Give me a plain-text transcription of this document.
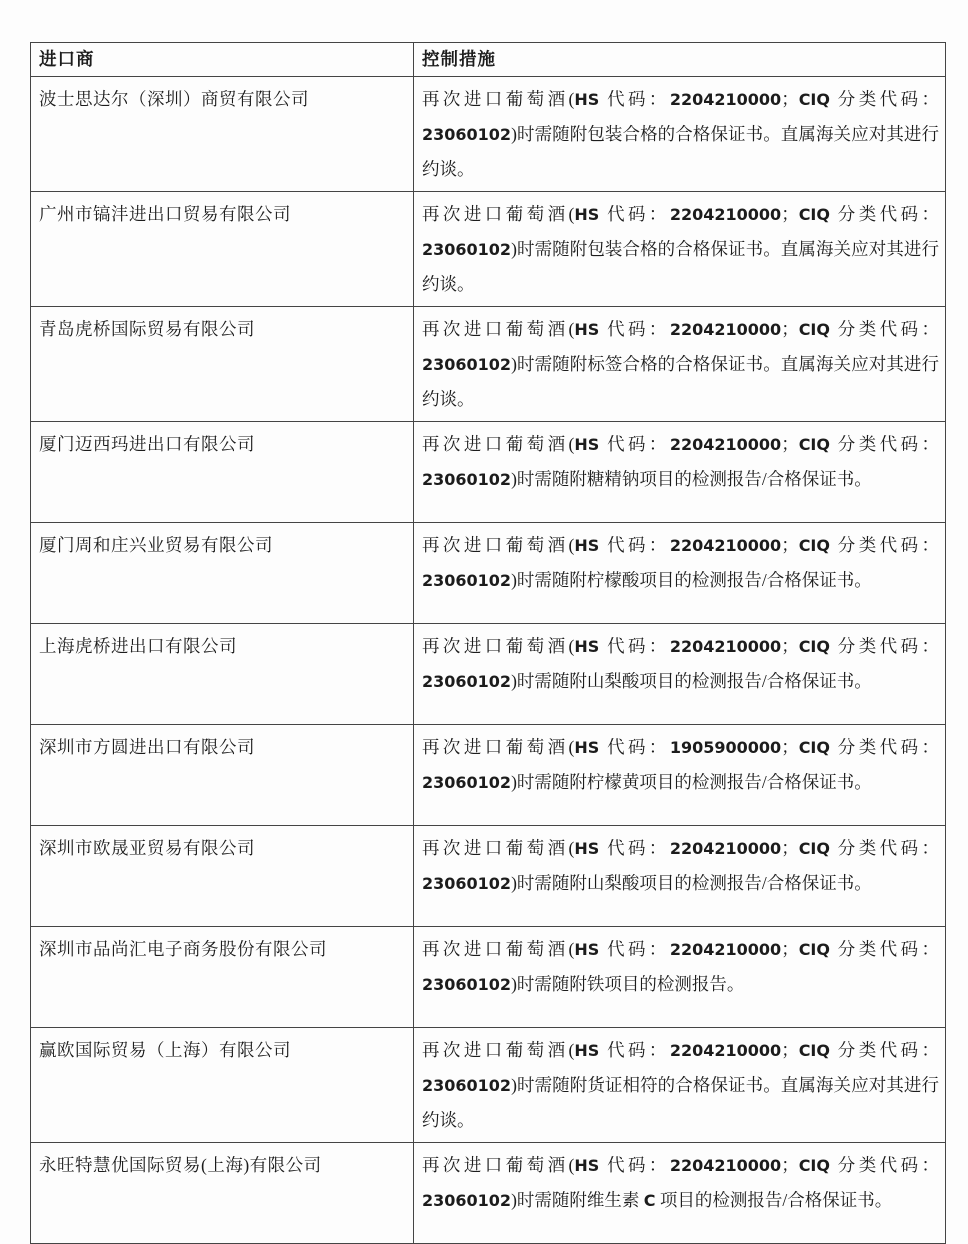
进口商	控制措施
波士思达尔（深圳）商贸有限公司	再次进口葡萄酒(HS 代码：2204210000；CIQ 分类代码：23060102)时需随附包装合格的合格保证书。直属海关应对其进行约谈。
广州市镐沣进出口贸易有限公司	再次进口葡萄酒(HS 代码：2204210000；CIQ 分类代码：23060102)时需随附包装合格的合格保证书。直属海关应对其进行约谈。
青岛虎桥国际贸易有限公司	再次进口葡萄酒(HS 代码：2204210000；CIQ 分类代码：23060102)时需随附标签合格的合格保证书。直属海关应对其进行约谈。
厦门迈西玛进出口有限公司	再次进口葡萄酒(HS 代码：2204210000；CIQ 分类代码：23060102)时需随附糖精钠项目的检测报告/合格保证书。
厦门周和庄兴业贸易有限公司	再次进口葡萄酒(HS 代码：2204210000；CIQ 分类代码：23060102)时需随附柠檬酸项目的检测报告/合格保证书。
上海虎桥进出口有限公司	再次进口葡萄酒(HS 代码：2204210000；CIQ 分类代码：23060102)时需随附山梨酸项目的检测报告/合格保证书。
深圳市方圆进出口有限公司	再次进口葡萄酒(HS 代码：1905900000；CIQ 分类代码：23060102)时需随附柠檬黄项目的检测报告/合格保证书。
深圳市欧晟亚贸易有限公司	再次进口葡萄酒(HS 代码：2204210000；CIQ 分类代码：23060102)时需随附山梨酸项目的检测报告/合格保证书。
深圳市品尚汇电子商务股份有限公司	再次进口葡萄酒(HS 代码：2204210000；CIQ 分类代码：23060102)时需随附铁项目的检测报告。
赢欧国际贸易（上海）有限公司	再次进口葡萄酒(HS 代码：2204210000；CIQ 分类代码：23060102)时需随附货证相符的合格保证书。直属海关应对其进行约谈。
永旺特慧优国际贸易(上海)有限公司	再次进口葡萄酒(HS 代码：2204210000；CIQ 分类代码：23060102)时需随附维生素 C 项目的检测报告/合格保证书。
